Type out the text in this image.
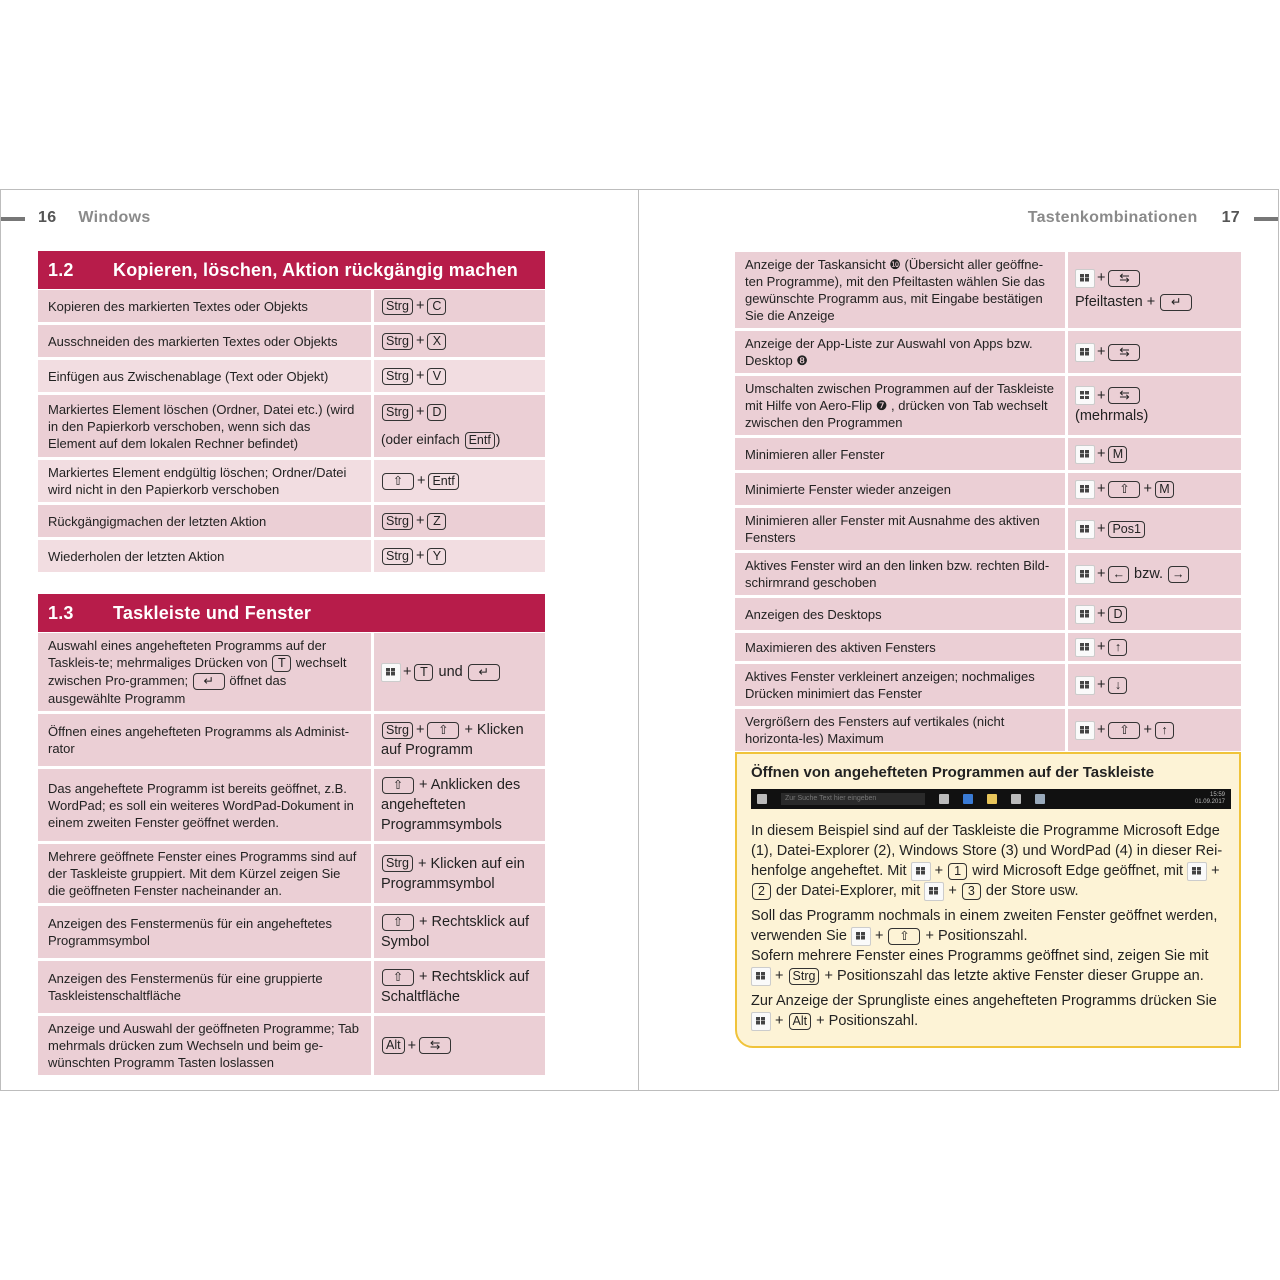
16 Windows
1.2	Kopieren, löschen, Aktion rückgängig machen
Kopieren des markierten Textes oder Objekts	Strg + C
Ausschneiden des markierten Textes oder Objekts	Strg + X
Einfügen aus Zwischenablage (Text oder Objekt)	Strg + V
Markiertes Element löschen (Ordner, Datei etc.) (wird in den Papierkorb verschoben, wenn sich das Element auf dem lokalen Rechner befindet)	Strg + D
(oder einfach Entf )

Markiertes Element endgültig löschen; Ordner/Datei wird nicht in den Papierkorb verschoben	⇧ + Entf
Rückgängigmachen der letzten Aktion	Strg + Z
Wiederholen der letzten Aktion	Strg + Y
1.3	Taskleiste und Fenster
Auswahl eines angehefteten Programms auf der Taskleis-te; mehrmaliges Drücken von T wechselt zwischen Pro-grammen; ↵ öffnet das ausgewählte Programm	+ T und ↵
Öffnen eines angehefteten Programms als Administ-rator	Strg + ⇧ + Klicken auf Programm
Das angeheftete Programm ist bereits geöffnet, z.B. WordPad; es soll ein weiteres WordPad-Dokument in einem zweiten Fenster geöffnet werden.	⇧ + Anklicken des angehefteten Programmsymbols
Mehrere geöffnete Fenster eines Programms sind auf der Taskleiste gruppiert. Mit dem Kürzel zeigen Sie die geöffneten Fenster nacheinander an.	Strg + Klicken auf ein Programmsymbol
Anzeigen des Fenstermenüs für ein angeheftetes Programmsymbol	⇧ + Rechtsklick auf Symbol
Anzeigen des Fenstermenüs für eine gruppierte Taskleistenschaltfläche	⇧ + Rechtsklick auf Schaltfläche
Anzeige und Auswahl der geöffneten Programme; Tab mehrmals drücken zum Wechseln und beim ge-wünschten Programm Tasten loslassen	Alt + ⇆
Tastenkombinationen 17
Anzeige der Taskansicht ❿ (Übersicht aller geöffne-ten Programme), mit den Pfeiltasten wählen Sie das gewünschte Programm aus, mit Eingabe bestätigen Sie die Anzeige	+ ⇆
Pfeiltasten + ↵

Anzeige der App-Liste zur Auswahl von Apps bzw. Desktop ❽	+ ⇆
Umschalten zwischen Programmen auf der Taskleiste mit Hilfe von Aero-Flip ❼ , drücken von Tab wechselt zwischen den Programmen	+ ⇆
(mehrmals)

Minimieren aller Fenster	+ M
Minimierte Fenster wieder anzeigen	+ ⇧ + M
Minimieren aller Fenster mit Ausnahme des aktiven Fensters	+ Pos1
Aktives Fenster wird an den linken bzw. rechten Bild-schirmrand geschoben	+ ← bzw. →
Anzeigen des Desktops	+ D
Maximieren des aktiven Fensters	+ ↑
Aktives Fenster verkleinert anzeigen; nochmaliges Drücken minimiert das Fenster	+ ↓
Vergrößern des Fensters auf vertikales (nicht horizonta-les) Maximum	+ ⇧ + ↑
Öffnen von angehefteten Programmen auf der Taskleiste
Zur Suche Text hier eingeben	15:59
01.09.2017

In diesem Beispiel sind auf der Taskleiste die Programme Microsoft Edge (1), Datei-Explorer (2), Windows Store (3) und WordPad (4) in dieser Rei-henfolge angeheftet. Mit  + 1 wird Microsoft Edge geöffnet, mit  + 2 der Datei-Explorer, mit  + 3 der Store usw.

Soll das Programm nochmals in einem zweiten Fenster geöffnet werden, verwenden Sie  + ⇧ + Positionszahl.

Sofern mehrere Fenster eines Programms geöffnet sind, zeigen Sie mit  + Strg + Positionszahl das letzte aktive Fenster dieser Gruppe an.

Zur Anzeige der Sprungliste eines angehefteten Programms drücken Sie  + Alt + Positionszahl.
